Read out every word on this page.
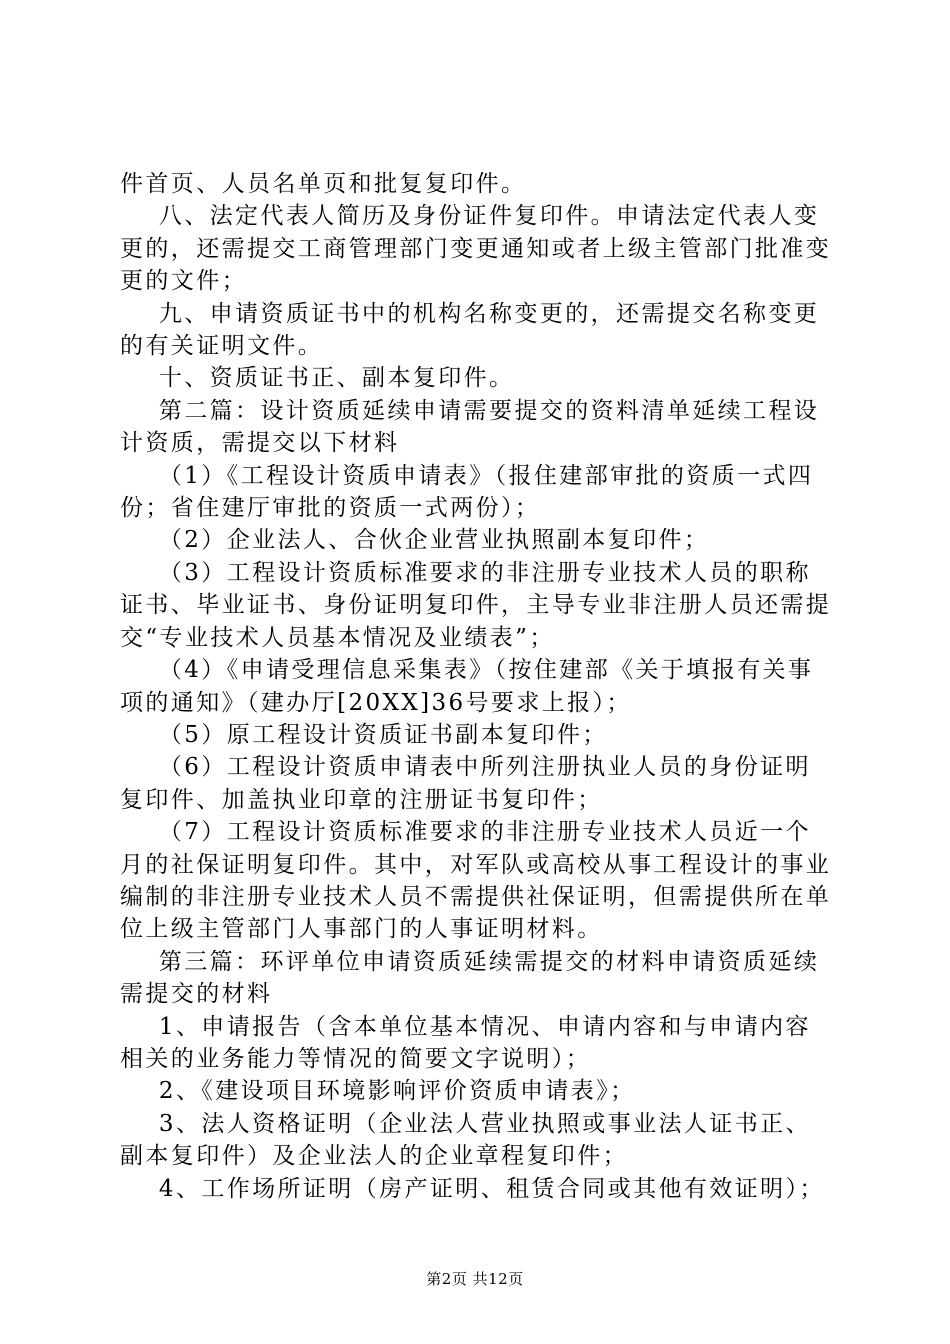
件首页、人员名单页和批复复印件。

八、法定代表人简历及身份证件复印件。申请法定代表人变更的，还需提交工商管理部门变更通知或者上级主管部门批准变更的文件；

九、申请资质证书中的机构名称变更的，还需提交名称变更的有关证明文件。

十、资质证书正、副本复印件。

第二篇：设计资质延续申请需要提交的资料清单延续工程设计资质，需提交以下材料

（1）《工程设计资质申请表》（报住建部审批的资质一式四份；省住建厅审批的资质一式两份）；

（2）企业法人、合伙企业营业执照副本复印件；

（3）工程设计资质标准要求的非注册专业技术人员的职称证书、毕业证书、身份证明复印件，主导专业非注册人员还需提交“专业技术人员基本情况及业绩表”；

（4）《申请受理信息采集表》（按住建部《关于填报有关事项的通知》（建办厅[20XX]36号要求上报）；

（5）原工程设计资质证书副本复印件；

（6）工程设计资质申请表中所列注册执业人员的身份证明复印件、加盖执业印章的注册证书复印件；

（7）工程设计资质标准要求的非注册专业技术人员近一个月的社保证明复印件。其中，对军队或高校从事工程设计的事业编制的非注册专业技术人员不需提供社保证明，但需提供所在单位上级主管部门人事部门的人事证明材料。

第三篇：环评单位申请资质延续需提交的材料申请资质延续需提交的材料

1、申请报告（含本单位基本情况、申请内容和与申请内容相关的业务能力等情况的简要文字说明）；

2、《建设项目环境影响评价资质申请表》；

3、法人资格证明（企业法人营业执照或事业法人证书正、副本复印件）及企业法人的企业章程复印件；

4、工作场所证明（房产证明、租赁合同或其他有效证明）；

第2页 共12页
